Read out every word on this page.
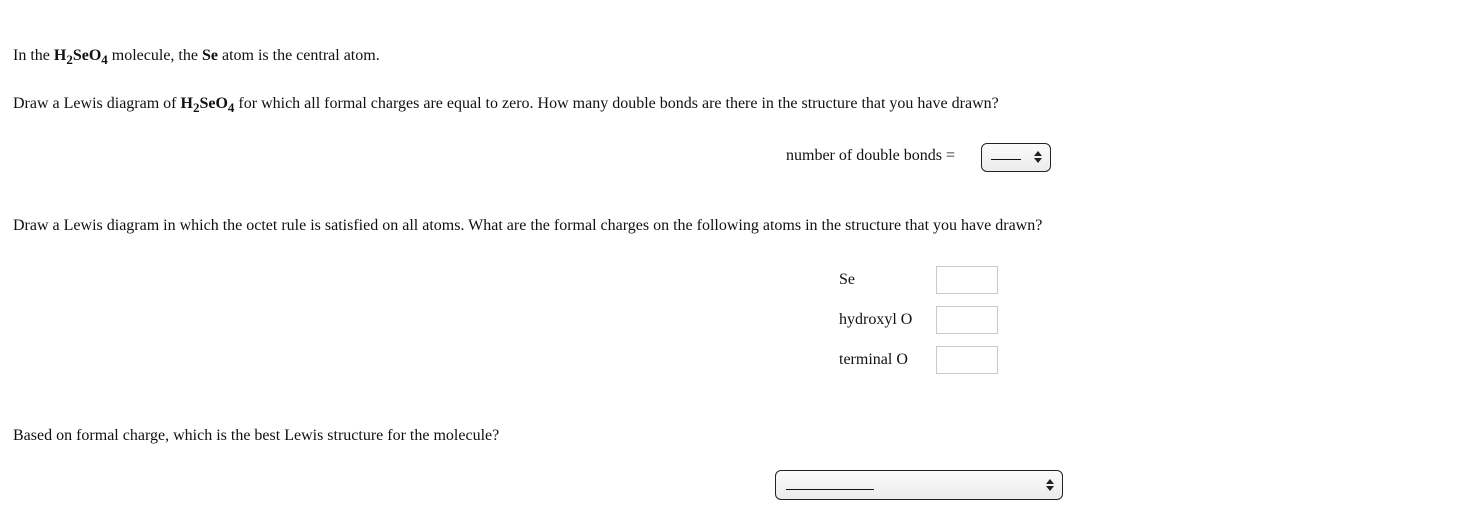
In the $H_2SeO_4$ molecule, the Se atom is the central atom.
Draw a Lewis diagram of $H_2SeO_4$ for which all formal charges are equal to zero. How many double bonds are there in the structure that you have drawn?
number of double bonds =
Draw a Lewis diagram in which the octet rule is satisfied on all atoms. What are the formal charges on the following atoms in the structure that you have drawn?
Se
hydroxyl O
terminal O
Based on formal charge, which is the best Lewis structure for the molecule?
